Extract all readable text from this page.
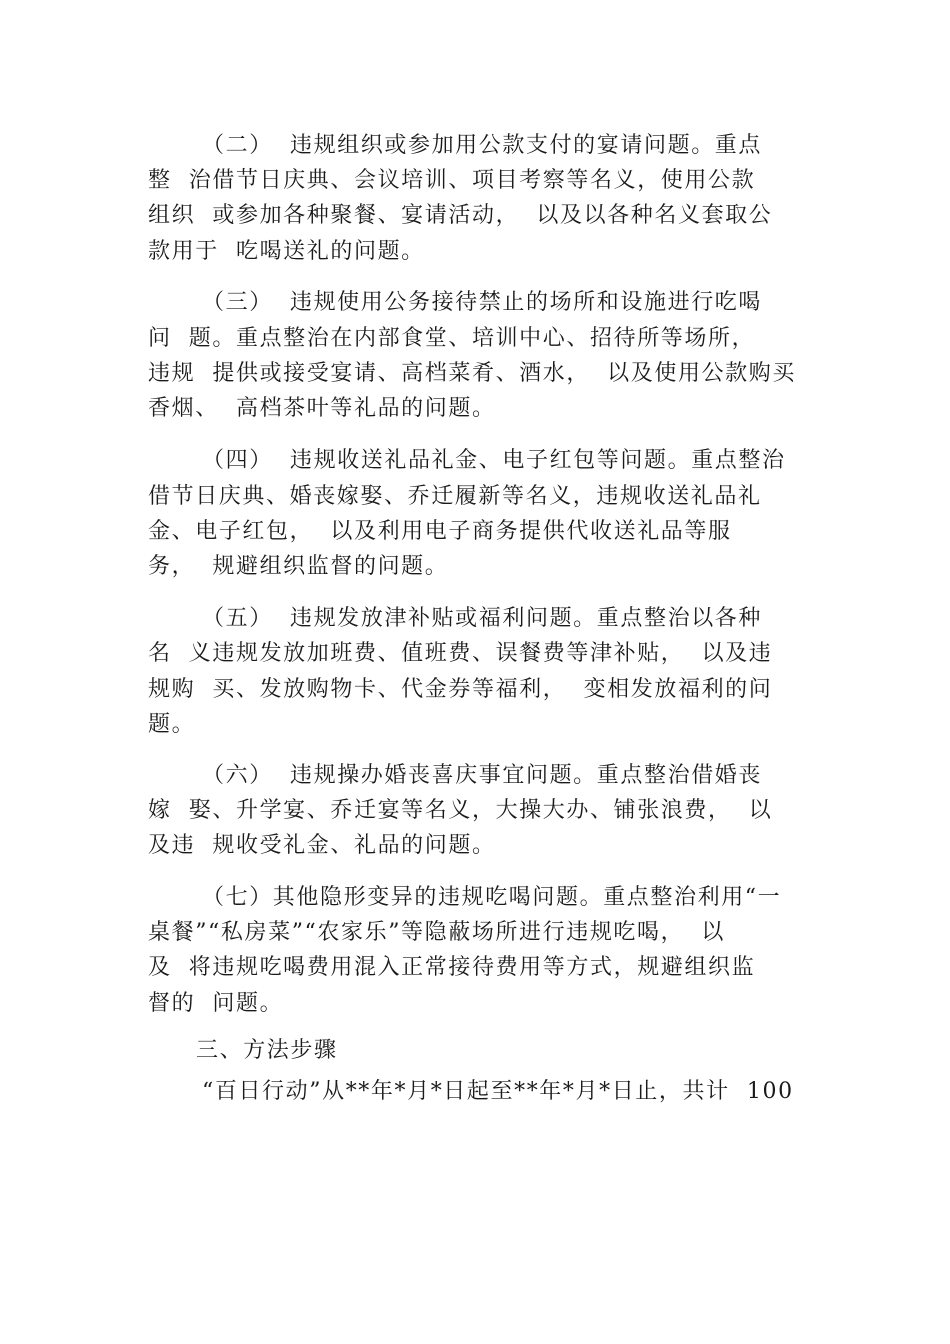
（二）  违规组织或参加用公款支付的宴请问题。重点
整  治借节日庆典、会议培训、项目考察等名义，使用公款
组织  或参加各种聚餐、宴请活动，  以及以各种名义套取公
款用于  吃喝送礼的问题。
（三）  违规使用公务接待禁止的场所和设施进行吃喝
问  题。重点整治在内部食堂、培训中心、招待所等场所，
违规  提供或接受宴请、高档菜肴、酒水，  以及使用公款购买
香烟、  高档茶叶等礼品的问题。
（四）  违规收送礼品礼金、电子红包等问题。重点整治
借节日庆典、婚丧嫁娶、乔迁履新等名义，违规收送礼品礼
金、电子红包，  以及利用电子商务提供代收送礼品等服
务，  规避组织监督的问题。
（五）  违规发放津补贴或福利问题。重点整治以各种
名  义违规发放加班费、值班费、误餐费等津补贴，  以及违
规购  买、发放购物卡、代金券等福利，  变相发放福利的问
题。
（六）  违规操办婚丧喜庆事宜问题。重点整治借婚丧
嫁  娶、升学宴、乔迁宴等名义，大操大办、铺张浪费，  以
及违  规收受礼金、礼品的问题。
（七）其他隐形变异的违规吃喝问题。重点整治利用“一
桌餐”“私房菜”“农家乐”等隐蔽场所进行违规吃喝，  以
及  将违规吃喝费用混入正常接待费用等方式，规避组织监
督的  问题。
三、方法步骤
“百日行动”从**年*月*日起至**年*月*日止，共计  100
